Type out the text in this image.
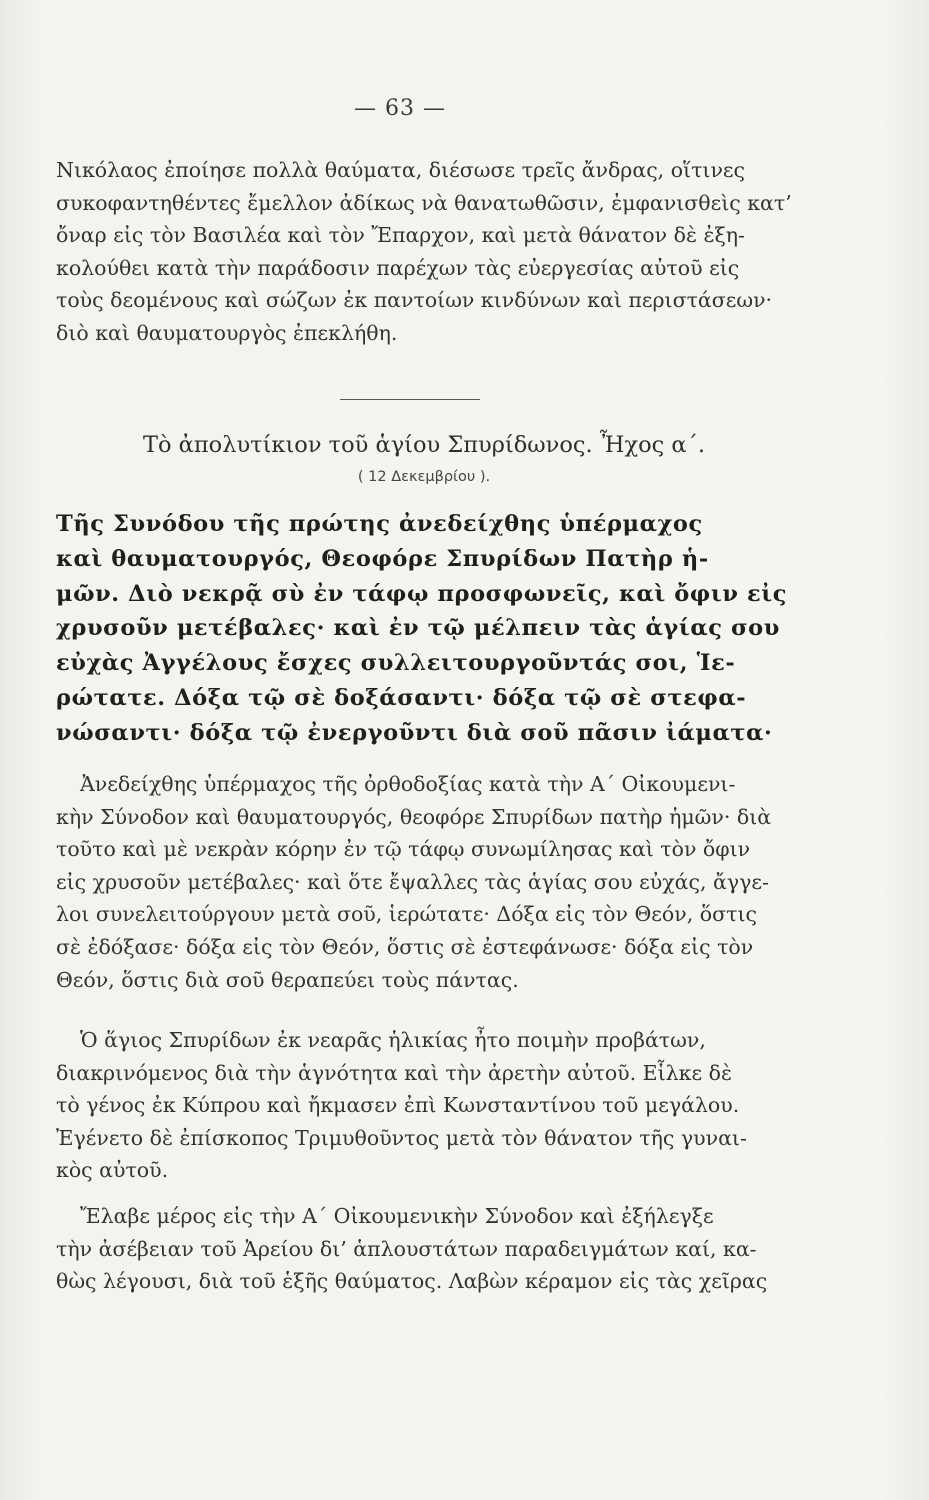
— 63 —

Νικόλαος ἐποίησε πολλὰ θαύματα, διέσωσε τρεῖς ἄνδρας, οἵτινες
συκοφαντηθέντες ἔμελλον ἀδίκως νὰ θανατωθῶσιν, ἐμφανισθεὶς κατ’
ὄναρ εἰς τὸν Βασιλέα καὶ τὸν Ἔπαρχον, καὶ μετὰ θάνατον δὲ ἐξη-
κολούθει κατὰ τὴν παράδοσιν παρέχων τὰς εὐεργεσίας αὐτοῦ εἰς
τοὺς δεομένους καὶ σώζων ἐκ παντοίων κινδύνων καὶ περιστάσεων·
διὸ καὶ θαυματουργὸς ἐπεκλήθη.

Τὸ ἀπολυτίκιον τοῦ ἁγίου Σπυρίδωνος. Ἦχος α΄.
( 12 Δεκεμβρίου ).

Τῆς Συνόδου τῆς πρώτης ἀνεδείχθης ὑπέρμαχος
καὶ θαυματουργός, Θεοφόρε Σπυρίδων Πατὴρ ἡ-
μῶν. Διὸ νεκρᾷ σὺ ἐν τάφῳ προσφωνεῖς, καὶ ὄφιν εἰς
χρυσοῦν μετέβαλες· καὶ ἐν τῷ μέλπειν τὰς ἁγίας σου
εὐχὰς Ἀγγέλους ἔσχες συλλειτουργοῦντάς σοι, Ἱε-
ρώτατε. Δόξα τῷ σὲ δοξάσαντι· δόξα τῷ σὲ στεφα-
νώσαντι· δόξα τῷ ἐνεργοῦντι διὰ σοῦ πᾶσιν ἰάματα·

Ἀνεδείχθης ὑπέρμαχος τῆς ὀρθοδοξίας κατὰ τὴν Α΄ Οἰκουμενι-
κὴν Σύνοδον καὶ θαυματουργός, θεοφόρε Σπυρίδων πατὴρ ἡμῶν· διὰ
τοῦτο καὶ μὲ νεκρὰν κόρην ἐν τῷ τάφῳ συνωμίλησας καὶ τὸν ὄφιν
εἰς χρυσοῦν μετέβαλες· καὶ ὅτε ἔψαλλες τὰς ἁγίας σου εὐχάς, ἄγγε-
λοι συνελειτούργουν μετὰ σοῦ, ἱερώτατε· Δόξα εἰς τὸν Θεόν, ὅστις
σὲ ἐδόξασε· δόξα εἰς τὸν Θεόν, ὅστις σὲ ἐστεφάνωσε· δόξα εἰς τὸν
Θεόν, ὅστις διὰ σοῦ θεραπεύει τοὺς πάντας.

Ὁ ἅγιος Σπυρίδων ἐκ νεαρᾶς ἡλικίας ἦτο ποιμὴν προβάτων,
διακρινόμενος διὰ τὴν ἁγνότητα καὶ τὴν ἀρετὴν αὐτοῦ. Εἷλκε δὲ
τὸ γένος ἐκ Κύπρου καὶ ἤκμασεν ἐπὶ Κωνσταντίνου τοῦ μεγάλου.
Ἐγένετο δὲ ἐπίσκοπος Τριμυθοῦντος μετὰ τὸν θάνατον τῆς γυναι-
κὸς αὐτοῦ.

Ἔλαβε μέρος εἰς τὴν Α΄ Οἰκουμενικὴν Σύνοδον καὶ ἐξήλεγξε
τὴν ἀσέβειαν τοῦ Ἀρείου δι’ ἁπλουστάτων παραδειγμάτων καί, κα-
θὼς λέγουσι, διὰ τοῦ ἑξῆς θαύματος. Λαβὼν κέραμον εἰς τὰς χεῖρας
